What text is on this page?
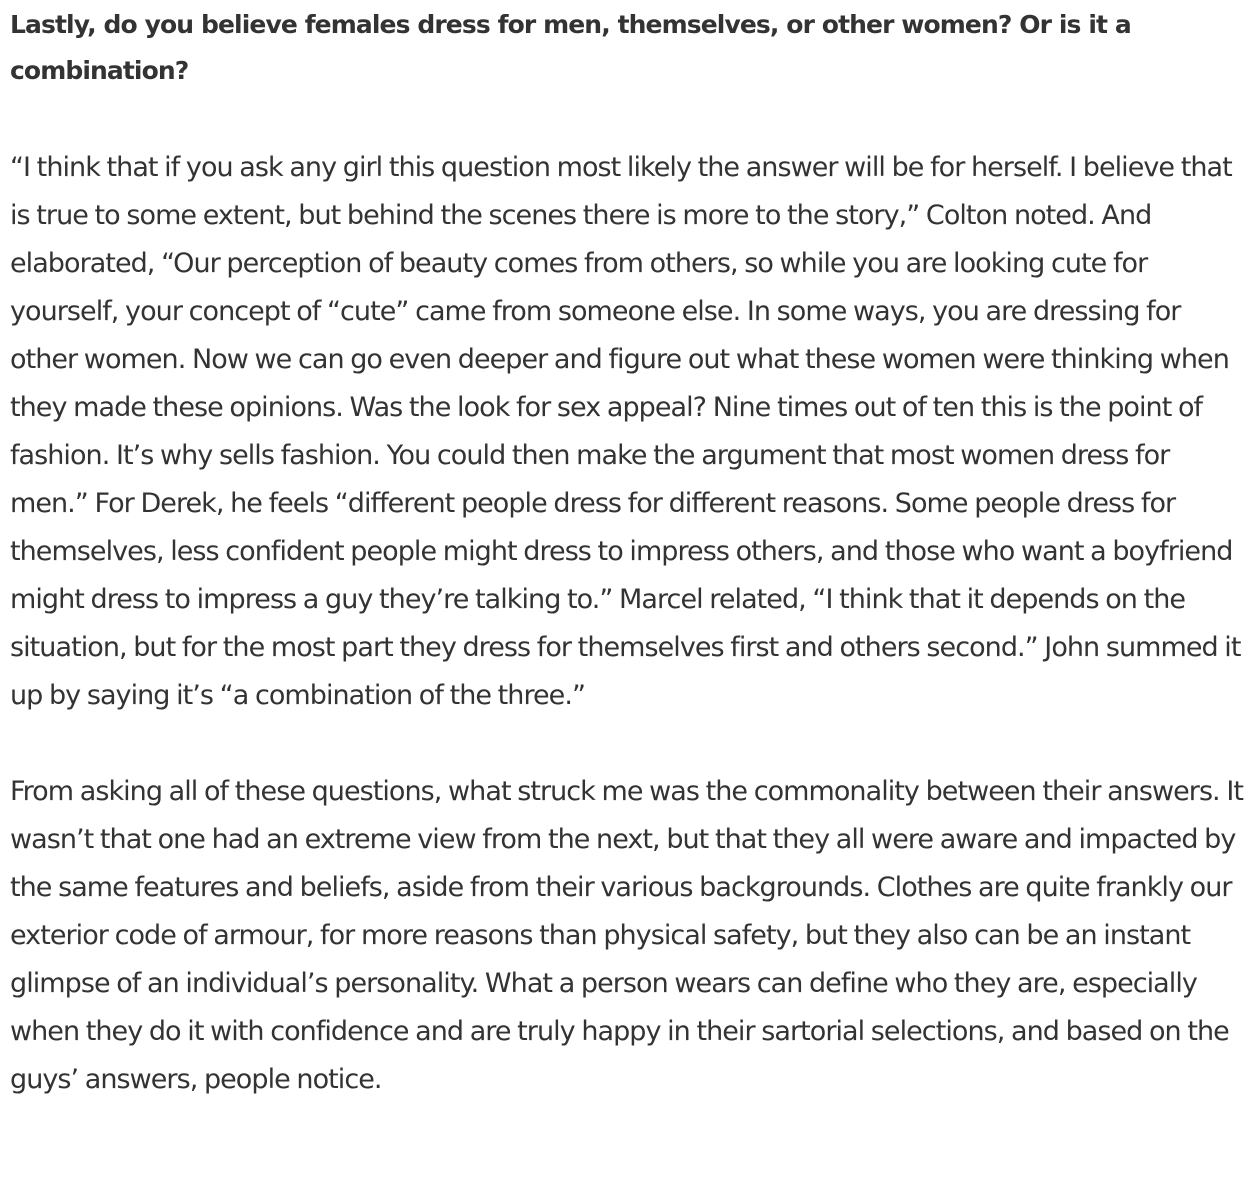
Lastly, do you believe females dress for men, themselves, or other women? Or is it a combination?

“I think that if you ask any girl this question most likely the answer will be for herself. I believe that is true to some extent, but behind the scenes there is more to the story,” Colton noted. And elaborated, “Our perception of beauty comes from others, so while you are looking cute for yourself, your concept of “cute” came from someone else. In some ways, you are dressing for other women. Now we can go even deeper and figure out what these women were thinking when they made these opinions. Was the look for sex appeal? Nine times out of ten this is the point of fashion. It’s why sells fashion. You could then make the argument that most women dress for men.” For Derek, he feels “different people dress for different reasons. Some people dress for themselves, less confident people might dress to impress others, and those who want a boyfriend might dress to impress a guy they’re talking to.” Marcel related, “I think that it depends on the situation, but for the most part they dress for themselves first and others second.” John summed it up by saying it’s “a combination of the three.”

From asking all of these questions, what struck me was the commonality between their answers. It wasn’t that one had an extreme view from the next, but that they all were aware and impacted by the same features and beliefs, aside from their various backgrounds. Clothes are quite frankly our exterior code of armour, for more reasons than physical safety, but they also can be an instant glimpse of an individual’s personality. What a person wears can define who they are, especially when they do it with confidence and are truly happy in their sartorial selections, and based on the guys’ answers, people notice.
